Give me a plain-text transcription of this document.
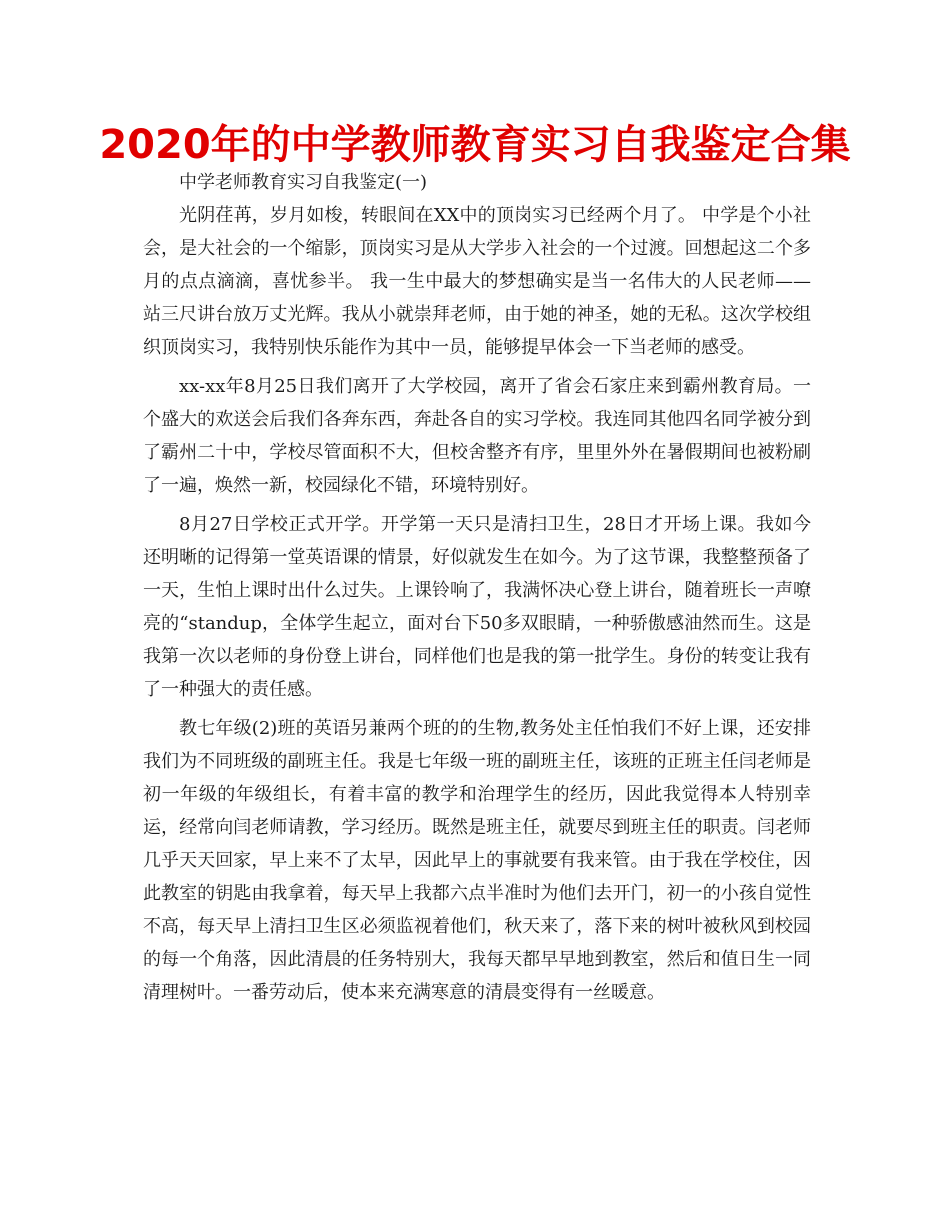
2020年的中学教师教育实习自我鉴定合集

中学老师教育实习自我鉴定(一)

光阴荏苒，岁月如梭，转眼间在XX中的顶岗实习已经两个月了。 中学是个小社会，是大社会的一个缩影，顶岗实习是从大学步入社会的一个过渡。回想起这二个多月的点点滴滴，喜忧参半。 我一生中最大的梦想确实是当一名伟大的人民老师——站三尺讲台放万丈光辉。我从小就崇拜老师，由于她的神圣，她的无私。这次学校组织顶岗实习，我特别快乐能作为其中一员，能够提早体会一下当老师的感受。

xx-xx年8月25日我们离开了大学校园，离开了省会石家庄来到霸州教育局。一个盛大的欢送会后我们各奔东西，奔赴各自的实习学校。我连同其他四名同学被分到了霸州二十中，学校尽管面积不大，但校舍整齐有序，里里外外在暑假期间也被粉刷了一遍，焕然一新，校园绿化不错，环境特别好。

8月27日学校正式开学。开学第一天只是清扫卫生，28日才开场上课。我如今还明晰的记得第一堂英语课的情景，好似就发生在如今。为了这节课，我整整预备了一天，生怕上课时出什么过失。上课铃响了，我满怀决心登上讲台，随着班长一声嘹亮的“standup，全体学生起立，面对台下50多双眼睛，一种骄傲感油然而生。这是我第一次以老师的身份登上讲台，同样他们也是我的第一批学生。身份的转变让我有了一种强大的责任感。

教七年级(2)班的英语另兼两个班的的生物,教务处主任怕我们不好上课，还安排我们为不同班级的副班主任。我是七年级一班的副班主任，该班的正班主任闫老师是初一年级的年级组长，有着丰富的教学和治理学生的经历，因此我觉得本人特别幸运，经常向闫老师请教，学习经历。既然是班主任，就要尽到班主任的职责。闫老师几乎天天回家，早上来不了太早，因此早上的事就要有我来管。由于我在学校住，因此教室的钥匙由我拿着，每天早上我都六点半准时为他们去开门，初一的小孩自觉性不高，每天早上清扫卫生区必须监视着他们，秋天来了，落下来的树叶被秋风到校园的每一个角落，因此清晨的任务特别大，我每天都早早地到教室，然后和值日生一同清理树叶。一番劳动后，使本来充满寒意的清晨变得有一丝暖意。
